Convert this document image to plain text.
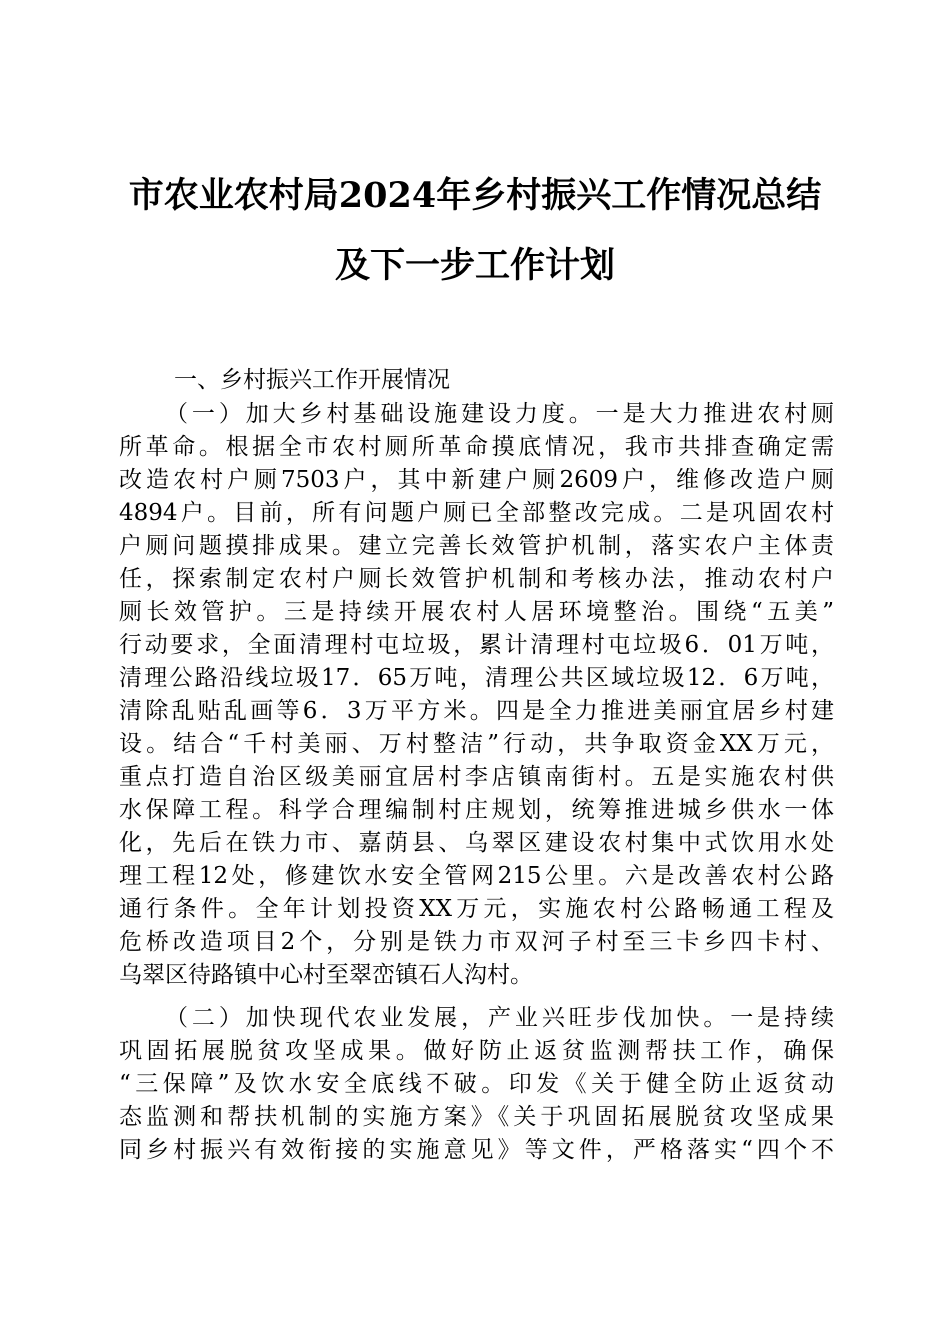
市农业农村局2024年乡村振兴工作情况总结
及下一步工作计划
一、乡村振兴工作开展情况
（一）加大乡村基础设施建设力度。一是大力推进农村厕
所革命。根据全市农村厕所革命摸底情况，我市共排查确定需
改造农村户厕7503户，其中新建户厕2609户，维修改造户厕
4894户。目前，所有问题户厕已全部整改完成。二是巩固农村
户厕问题摸排成果。建立完善长效管护机制，落实农户主体责
任，探索制定农村户厕长效管护机制和考核办法，推动农村户
厕长效管护。三是持续开展农村人居环境整治。围绕“五美”
行动要求，全面清理村屯垃圾，累计清理村屯垃圾6．01万吨，
清理公路沿线垃圾17．65万吨，清理公共区域垃圾12．6万吨，
清除乱贴乱画等6．3万平方米。四是全力推进美丽宜居乡村建
设。结合“千村美丽、万村整洁”行动，共争取资金XX万元，
重点打造自治区级美丽宜居村李店镇南街村。五是实施农村供
水保障工程。科学合理编制村庄规划，统筹推进城乡供水一体
化，先后在铁力市、嘉荫县、乌翠区建设农村集中式饮用水处
理工程12处，修建饮水安全管网215公里。六是改善农村公路
通行条件。全年计划投资XX万元，实施农村公路畅通工程及
危桥改造项目2个，分别是铁力市双河子村至三卡乡四卡村、
乌翠区待路镇中心村至翠峦镇石人沟村。
（二）加快现代农业发展，产业兴旺步伐加快。一是持续
巩固拓展脱贫攻坚成果。做好防止返贫监测帮扶工作，确保
“三保障”及饮水安全底线不破。印发《关于健全防止返贫动
态监测和帮扶机制的实施方案》《关于巩固拓展脱贫攻坚成果
同乡村振兴有效衔接的实施意见》等文件，严格落实“四个不
